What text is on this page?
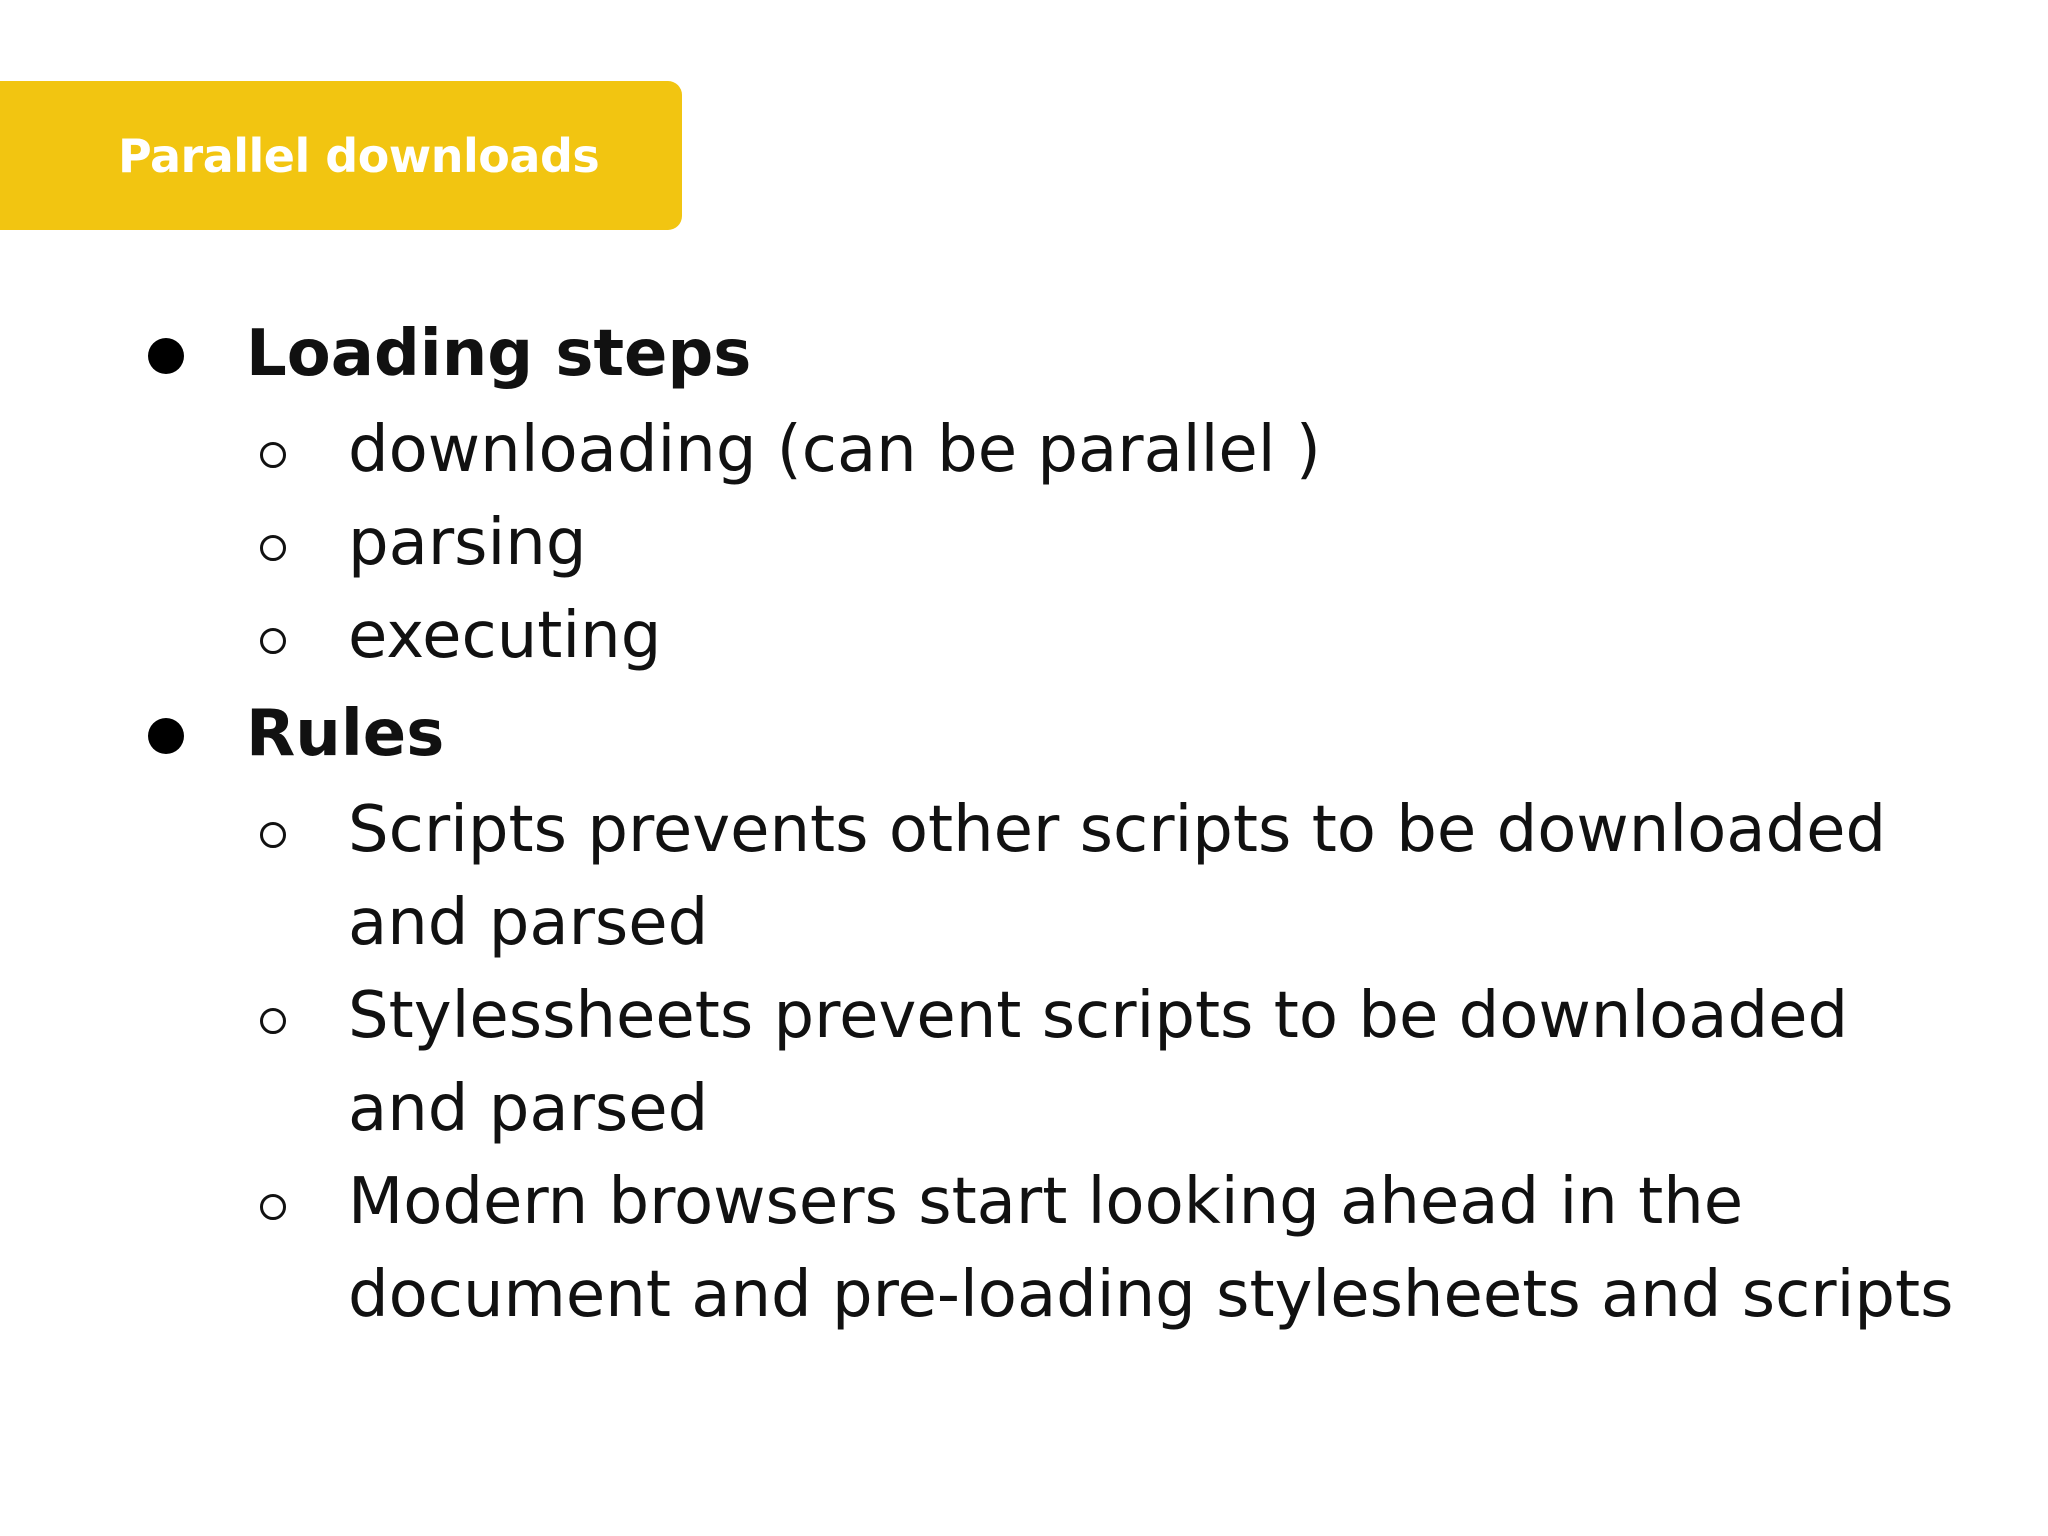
Parallel downloads
Loading steps
downloading (can be parallel )
parsing
executing
Rules
Scripts prevents other scripts to be downloaded
and parsed
Stylessheets prevent scripts to be downloaded
and parsed
Modern browsers start looking ahead in the
document and pre-loading stylesheets and scripts
